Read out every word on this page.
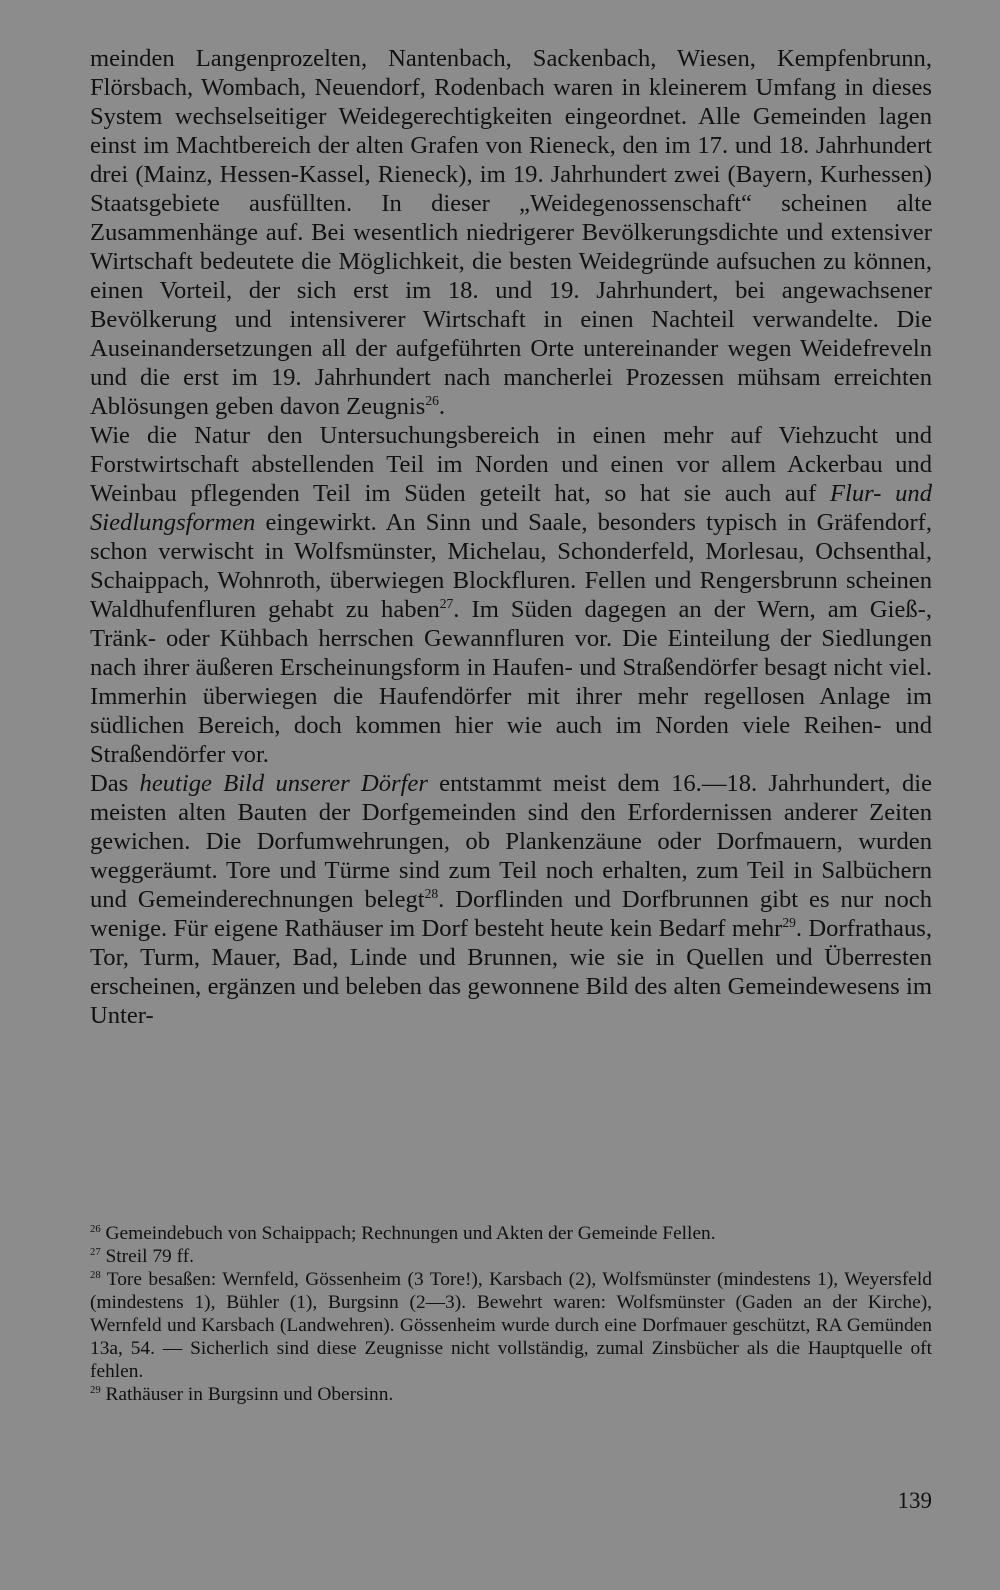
meinden Langenprozelten, Nantenbach, Sackenbach, Wiesen, Kempfenbrunn, Flörsbach, Wombach, Neuendorf, Rodenbach waren in kleinerem Umfang in dieses System wechselseitiger Weidegerechtigkeiten eingeordnet. Alle Gemeinden lagen einst im Machtbereich der alten Grafen von Rieneck, den im 17. und 18. Jahrhundert drei (Mainz, Hessen-Kassel, Rieneck), im 19. Jahrhundert zwei (Bayern, Kurhessen) Staatsgebiete ausfüllten. In dieser „Weidegenossenschaft“ scheinen alte Zusammenhänge auf. Bei wesentlich niedrigerer Bevölkerungsdichte und extensiver Wirtschaft bedeutete die Möglichkeit, die besten Weidegründe aufsuchen zu können, einen Vorteil, der sich erst im 18. und 19. Jahrhundert, bei angewachsener Bevölkerung und intensiverer Wirtschaft in einen Nachteil verwandelte. Die Auseinandersetzungen all der aufgeführten Orte untereinander wegen Weidefreveln und die erst im 19. Jahrhundert nach mancherlei Prozessen mühsam erreichten Ablösungen geben davon Zeugnis$^{26}$.

Wie die Natur den Untersuchungsbereich in einen mehr auf Viehzucht und Forstwirtschaft abstellenden Teil im Norden und einen vor allem Ackerbau und Weinbau pflegenden Teil im Süden geteilt hat, so hat sie auch auf Flur- und Siedlungsformen eingewirkt. An Sinn und Saale, besonders typisch in Gräfendorf, schon verwischt in Wolfsmünster, Michelau, Schonderfeld, Morlesau, Ochsenthal, Schaippach, Wohnroth, überwiegen Blockfluren. Fellen und Rengersbrunn scheinen Waldhufenfluren gehabt zu haben$^{27}$. Im Süden dagegen an der Wern, am Gieß-, Tränk- oder Kühbach herrschen Gewannfluren vor. Die Einteilung der Siedlungen nach ihrer äußeren Erscheinungsform in Haufen- und Straßendörfer besagt nicht viel. Immerhin überwiegen die Haufendörfer mit ihrer mehr regellosen Anlage im südlichen Bereich, doch kommen hier wie auch im Norden viele Reihen- und Straßendörfer vor.

Das heutige Bild unserer Dörfer entstammt meist dem 16.—18. Jahrhundert, die meisten alten Bauten der Dorfgemeinden sind den Erfordernissen anderer Zeiten gewichen. Die Dorfumwehrungen, ob Plankenzäune oder Dorfmauern, wurden weggeräumt. Tore und Türme sind zum Teil noch erhalten, zum Teil in Salbüchern und Gemeinderechnungen belegt$^{28}$. Dorflinden und Dorfbrunnen gibt es nur noch wenige. Für eigene Rathäuser im Dorf besteht heute kein Bedarf mehr$^{29}$. Dorfrathaus, Tor, Turm, Mauer, Bad, Linde und Brunnen, wie sie in Quellen und Überresten erscheinen, ergänzen und beleben das gewonnene Bild des alten Gemeindewesens im Unter-

$^{26}$ Gemeindebuch von Schaippach; Rechnungen und Akten der Gemeinde Fellen.

$^{27}$ Streil 79 ff.

$^{28}$ Tore besaßen: Wernfeld, Gössenheim (3 Tore!), Karsbach (2), Wolfsmünster (mindestens 1), Weyersfeld (mindestens 1), Bühler (1), Burgsinn (2—3). Bewehrt waren: Wolfsmünster (Gaden an der Kirche), Wernfeld und Karsbach (Landwehren). Gössenheim wurde durch eine Dorfmauer geschützt, RA Gemünden 13a, 54. — Sicherlich sind diese Zeugnisse nicht vollständig, zumal Zinsbücher als die Hauptquelle oft fehlen.

$^{29}$ Rathäuser in Burgsinn und Obersinn.

139
